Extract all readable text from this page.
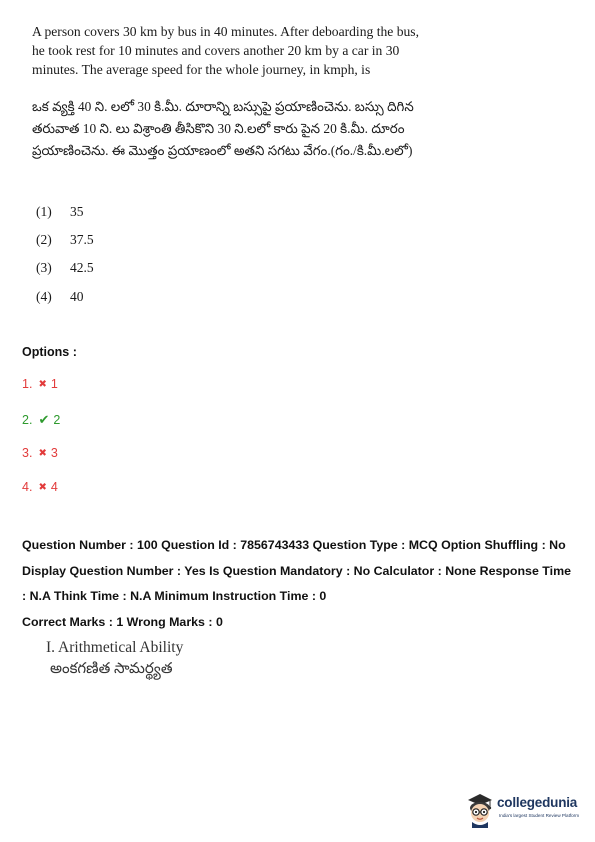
A person covers 30 km by bus in 40 minutes. After deboarding the bus, he took rest for 10 minutes and covers another 20 km by a car in 30 minutes. The average speed for the whole journey, in kmph, is
ఒక వ్యక్తి 40 ని. లలో 30 కి.మీ. దూరాన్ని బస్సుపై ప్రయాణించెను. బస్సు దిగిన తరువాత 10 ని. లు విశ్రాంతి తీసికొని 30 ని.లలో కారు పైన 20 కి.మీ. దూరం ప్రయాణించెను. ఈ మొత్తం ప్రయాణంలో అతని సగటు వేగం.(గం./కి.మీ.లలో)
(1)	35
(2)	37.5
(3)	42.5
(4)	40
Options :
1. ✖ 1
2. ✔ 2
3. ✖ 3
4. ✖ 4

Question Number : 100 Question Id : 7856743433 Question Type : MCQ Option Shuffling : No

Display Question Number : Yes Is Question Mandatory : No Calculator : None Response Time

: N.A Think Time : N.A Minimum Instruction Time : 0

Correct Marks : 1 Wrong Marks : 0

I. Arithmetical Ability
అంకగణిత సామర్థ్యత
collegedunia
India's largest Student Review Platform
